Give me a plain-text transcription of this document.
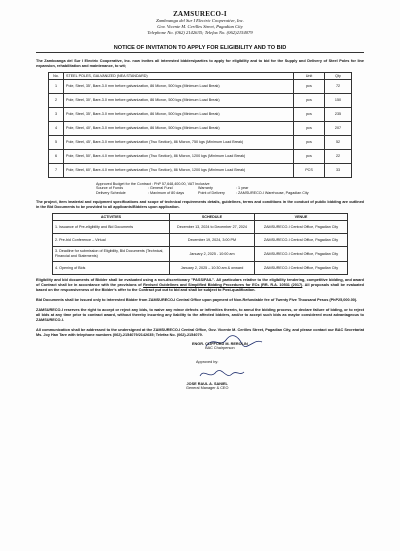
ZAMSURECO-I
Zamboanga del Sur I Electric Cooperative, Inc.
Gov. Vicente M. Cerilles Street, Pagadian City
Telephone No. (062) 2142635; Telefax No. (062)2154079
NOTICE OF INVITATION TO APPLY FOR ELIGIBILITY AND TO BID

The Zamboanga del Sur I Electric Cooperative, Inc. now invites all interested bidders/parties to apply for eligibility and to bid for the Supply and Delivery of Steel Poles for line expansion, rehabilitation and maintenance, to wit;

No.	STEEL POLES, GALVANIZED (NEA STANDARD)	Unit	Qty
1	Pole, Steel, 35', Bare-3.0 mm before galvanization, 86 Micron, 500 kgs (Minimum Load Break)	pcs	72
2	Pole, Steel, 30', Bare-3.0 mm before galvanization, 86 Micron, 500 kgs (Minimum Load Break)	pcs	150
3	Pole, Steel, 35', Bare-3.0 mm before galvanization, 86 Micron, 500 kgs (Minimum Load Break)	pcs	235
4	Pole, Steel, 40', Bare-3.0 mm before galvanization, 86 Micron, 500 kgs (Minimum Load Break)	pcs	207
5	Pole, Steel, 45', Bare-3.0 mm before galvanization (Two Section), 86 Micron, 750 kgs (Minimum Load Break)	pcs	52
6	Pole, Steel, 50', Bare-4.0 mm before galvanization (Two Section), 86 Micron, 1200 kgs (Minimum Load Break)	pcs	22
7	Pole, Steel, 60', Bare-4.0 mm before galvanization (Two Section), 86 Micron, 1200 kgs (Minimum Load Break)	PCS	33
Approved Budget for the Contract : PhP 57,648,400.00, VAT Inclusive
Source of Funds	: General Fund	Warranty	: 1 year
Delivery Schedule	: Maximum of 80 days	Point of Delivery	: ZAMSURECO-I Warehouse, Pagadian City

The project, item /material and equipment specifications and scope of technical requirements details, guidelines, terms and conditions in the conduct of public bidding are outlined in the Bid Documents to be provided to all applicants/Bidders upon application.

ACTIVITIES	SCHEDULE	VENUE
1. Issuance of Pre-eligibility and Bid Documents	December 13, 2024 to December 27, 2024	ZAMSURECO-I Central Office, Pagadian City
2. Pre-bid Conference – Virtual	December 19, 2024, 3:00 PM	ZAMSURECO-I Central Office, Pagadian City
3. Deadline for submission of Eligibility, Bid Documents (Technical, Financial and Statements)	January 2, 2025 - 10:00 am	ZAMSURECO-I Central Office, Pagadian City
4. Opening of Bids	January 2, 2025 – 10:30 am & onward	ZAMSURECO-I Central Office, Pagadian City

Eligibility and bid documents of Bidder shall be evaluated using a non-discretionary "PASS/FAIL". All particulars relative to the eligibility tendering, competitive bidding, and award of Contract shall be in accordance with the provisions of Revised Guidelines and Simplified Bidding Procedures for ECs (RR- R.A. 10531 (2017). All proposals shall be evaluated based on the responsiveness of the Bidder's offer to the Contract put out to bid and shall be subject to Post-qualification.

Bid Documents shall be issued only to interested Bidder from ZAMSURECO-I Central Office upon payment of Non-Refundable fee of Twenty Five Thousand Pesos (PhP25,000.00).

ZAMSURECO-I reserves the right to accept or reject any bids, to waive any minor defects or infirmities therein, to annul the bidding process, or declare failure of biding, or to reject all bids at any time prior to contract award, without thereby incurring any liability to the affected bidders, and/or to accept such bids as maybe considered most advantageous to ZAMSURECO-I.

All communication shall be addressed to the undersigned at the ZAMSURECO-I Central Office, Gov. Vicente M. Cerilles Street, Pagadian City, and please contact our BAC Secretariat Ms. Joy Han Tare with telephone numbers (062)-2154079/2142635; Telefax No. (062)-2154079.

ENGR. CLIFFORD M. REROLIN
BAC Chairperson
Approved by:
JOSE RAUL A. SANIEL
General Manager & CEO
